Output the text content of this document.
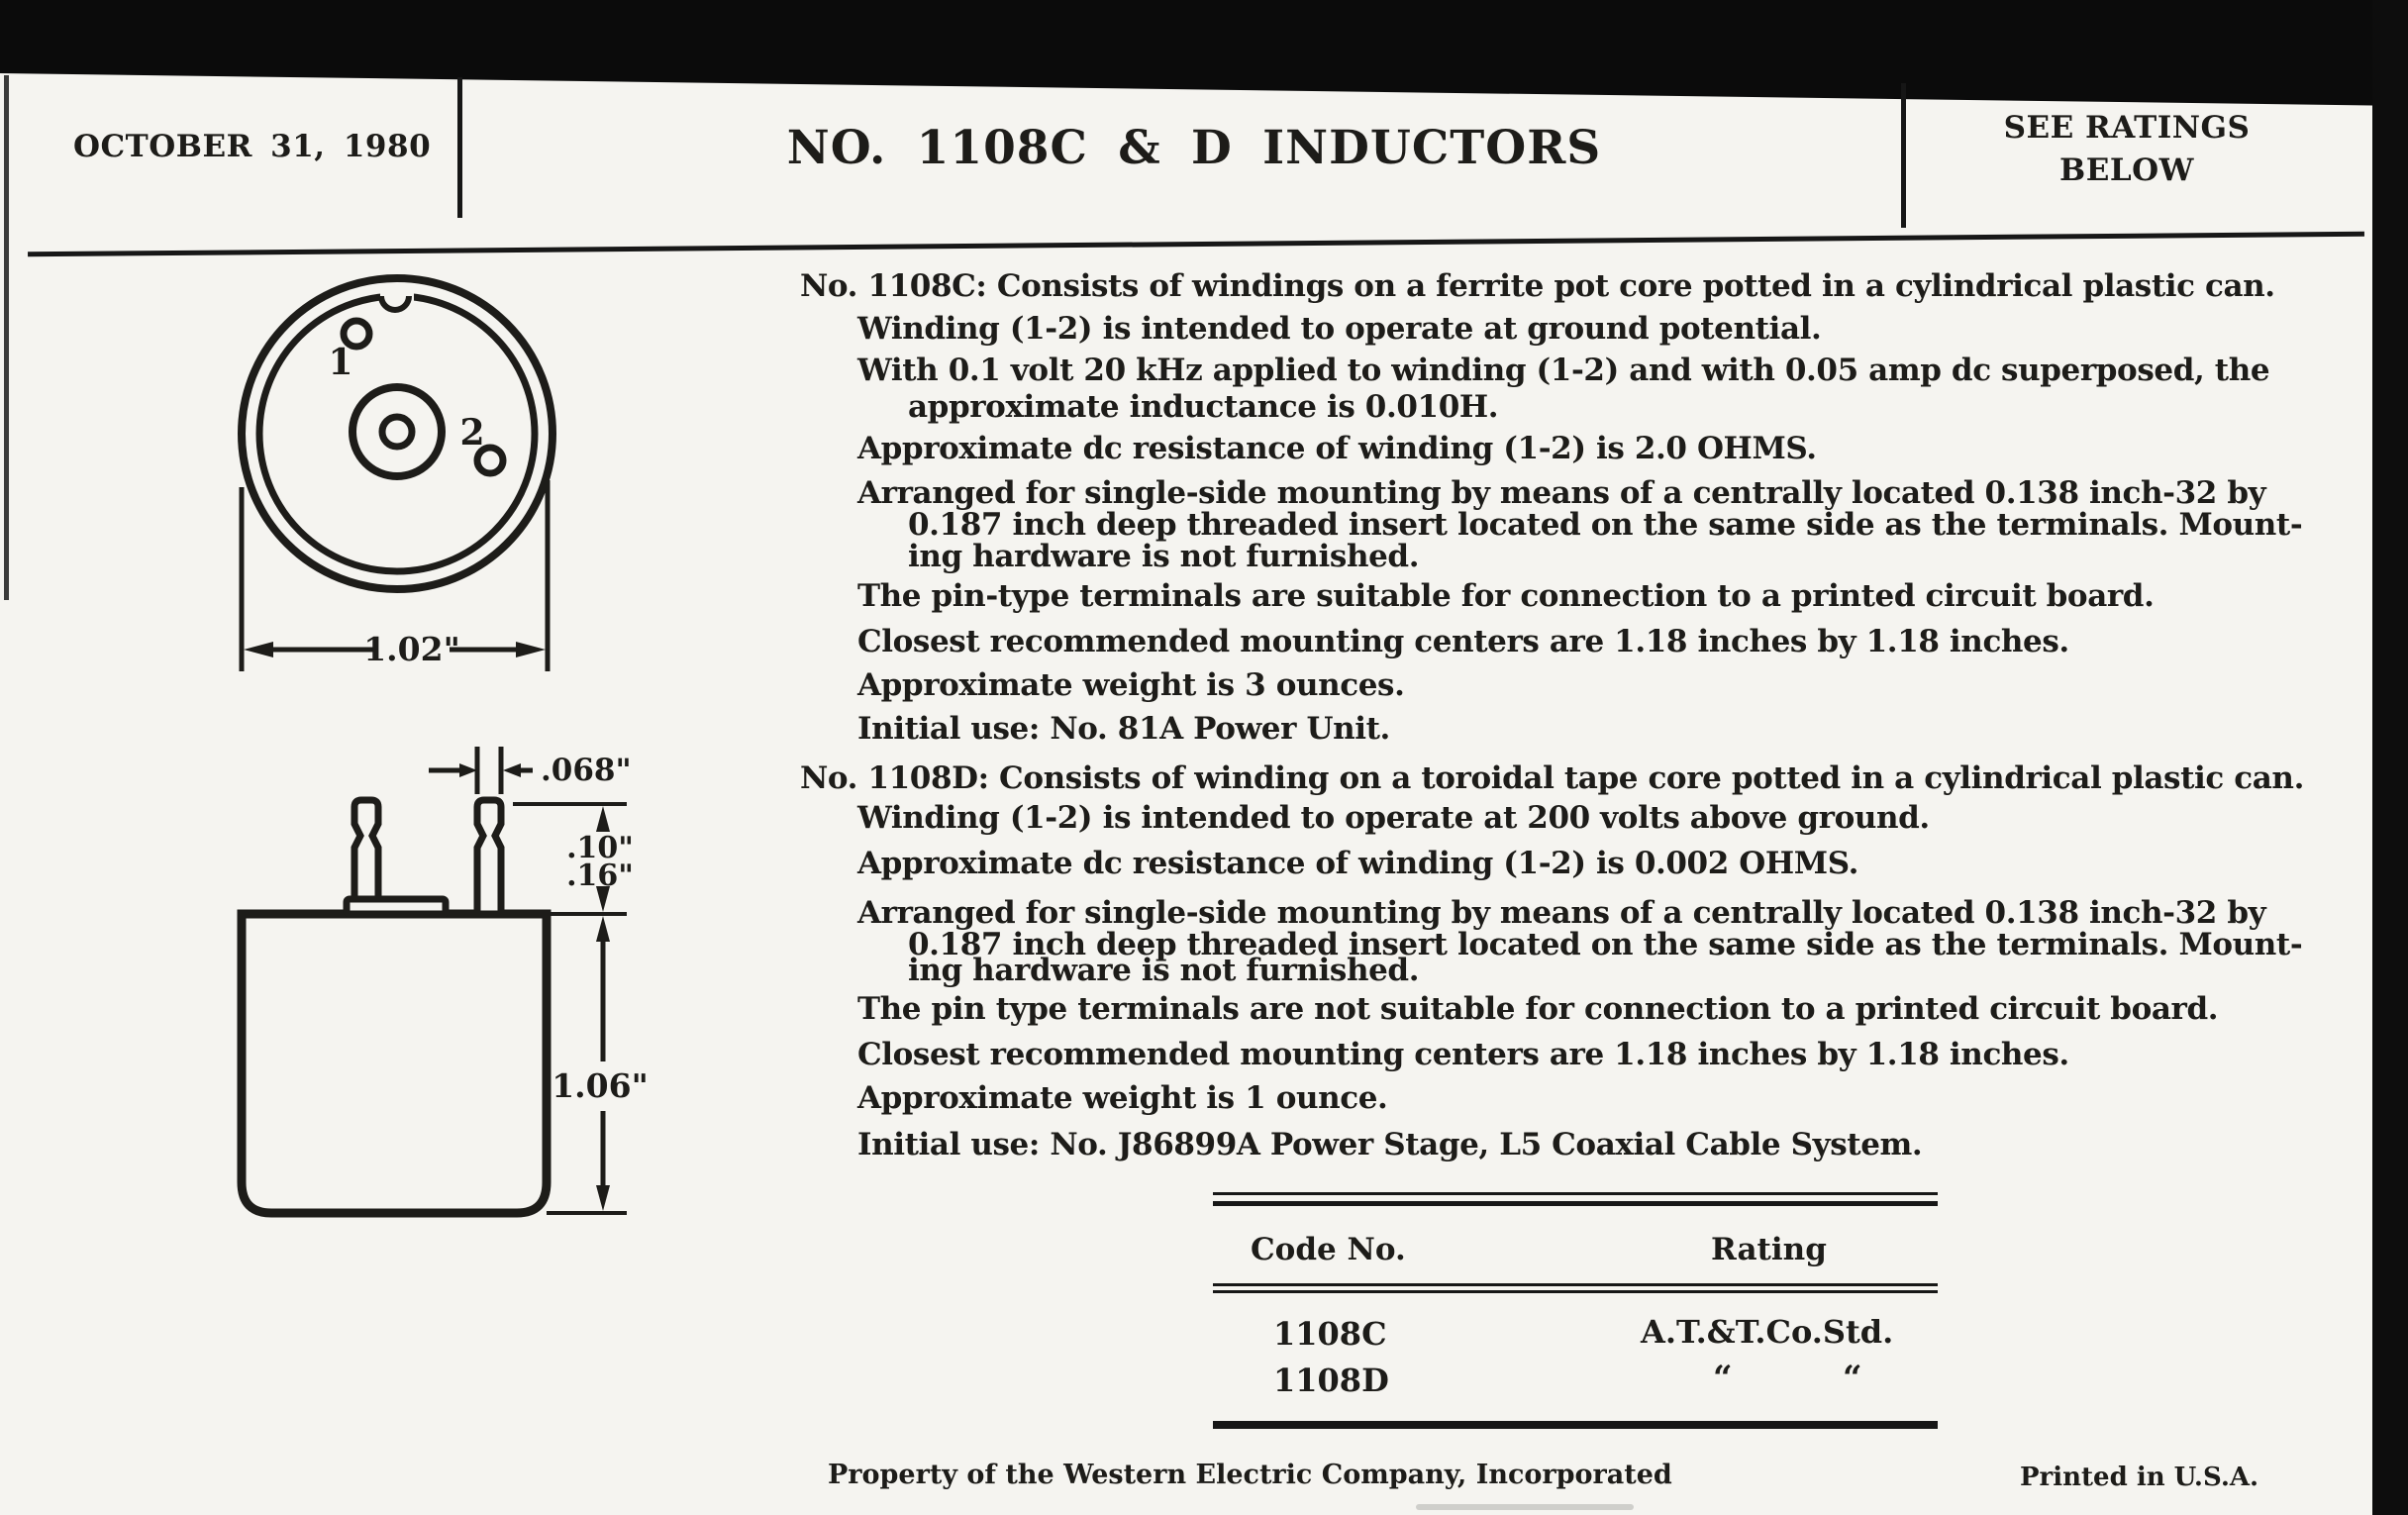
OCTOBER 31, 1980	NO. 1108C & D INDUCTORS	SEE RATINGS
BELOW
1
2
1.02"
.068"
.10"
.16"
1.06"
No. 1108C: Consists of windings on a ferrite pot core potted in a cylindrical plastic can.
Winding (1-2) is intended to operate at ground potential.
With 0.1 volt 20 kHz applied to winding (1-2) and with 0.05 amp dc superposed, the
approximate inductance is 0.010H.
Approximate dc resistance of winding (1-2) is 2.0 OHMS.
Arranged for single-side mounting by means of a centrally located 0.138 inch-32 by
0.187 inch deep threaded insert located on the same side as the terminals. Mount-
ing hardware is not furnished.
The pin-type terminals are suitable for connection to a printed circuit board.
Closest recommended mounting centers are 1.18 inches by 1.18 inches.
Approximate weight is 3 ounces.
Initial use: No. 81A Power Unit.
No. 1108D: Consists of winding on a toroidal tape core potted in a cylindrical plastic can.
Winding (1-2) is intended to operate at 200 volts above ground.
Approximate dc resistance of winding (1-2) is 0.002 OHMS.
Arranged for single-side mounting by means of a centrally located 0.138 inch-32 by
0.187 inch deep threaded insert located on the same side as the terminals. Mount-
ing hardware is not furnished.
The pin type terminals are not suitable for connection to a printed circuit board.
Closest recommended mounting centers are 1.18 inches by 1.18 inches.
Approximate weight is 1 ounce.
Initial use: No. J86899A Power Stage, L5 Coaxial Cable System.
Code No.	Rating
1108C	A.T.&T.Co.Std.
1108D	“	“
Property of the Western Electric Company, Incorporated	Printed in U.S.A.
